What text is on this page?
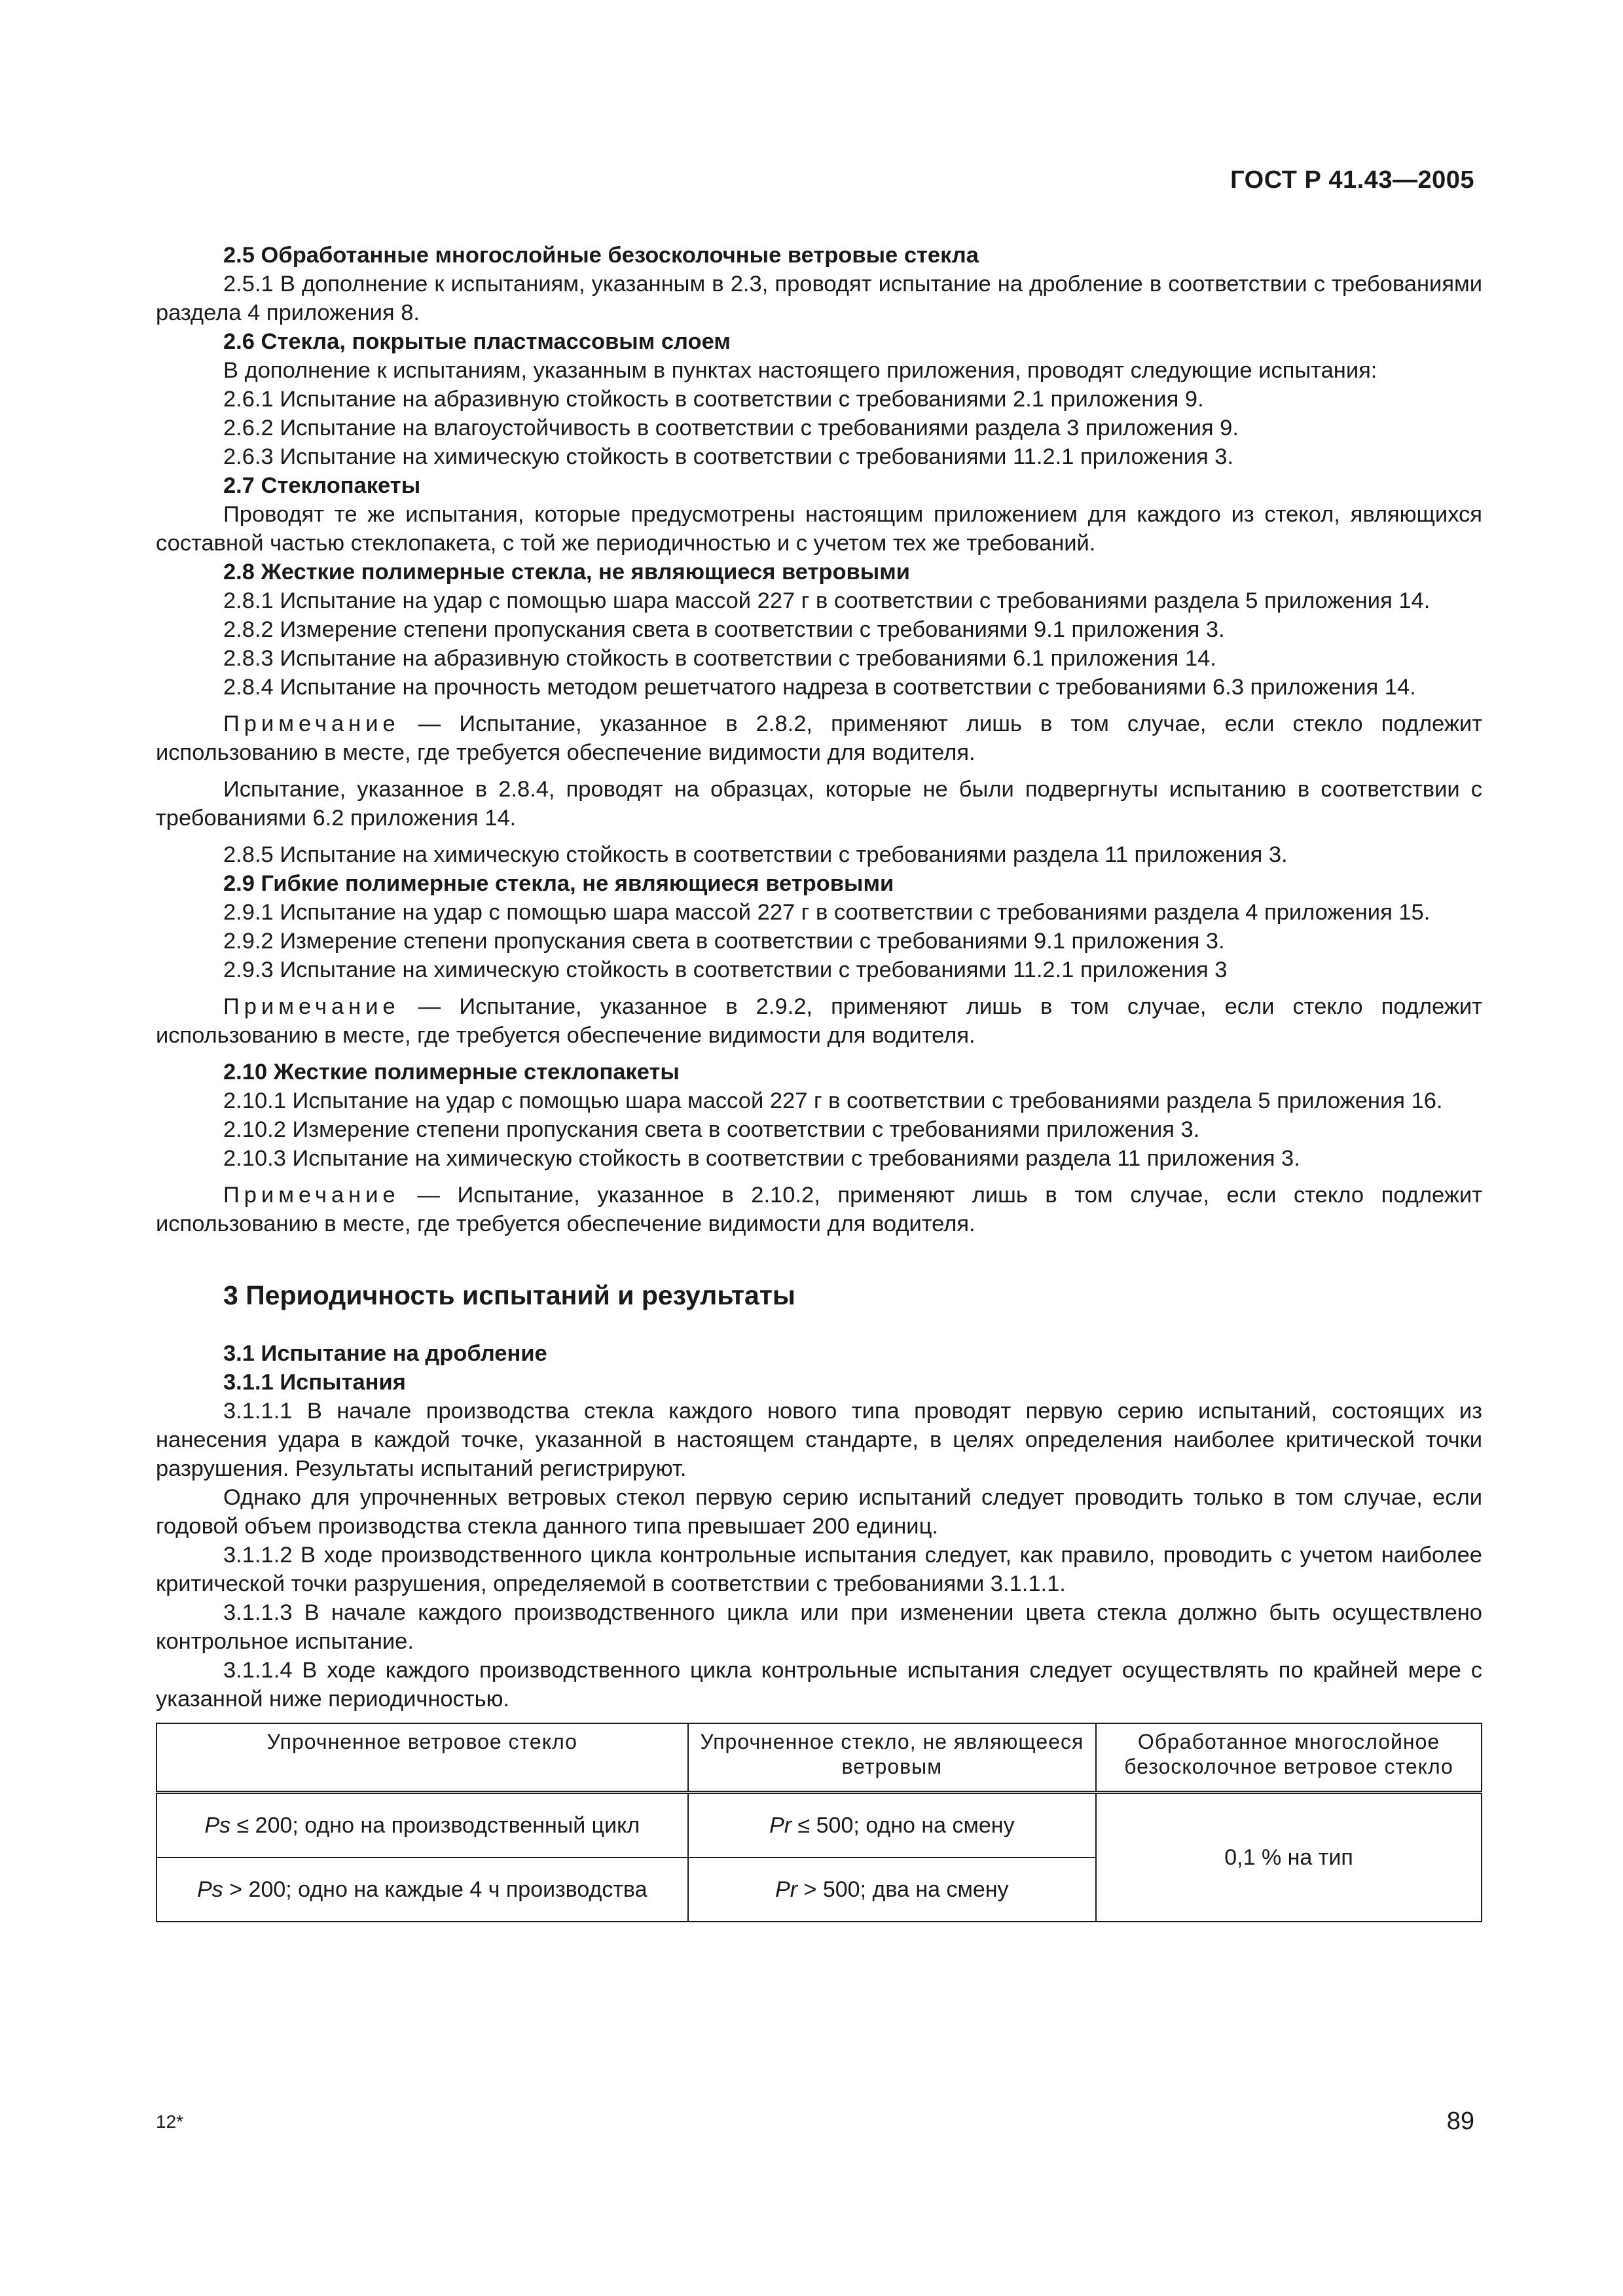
ГОСТ Р 41.43—2005

2.5 Обработанные многослойные безосколочные ветровые стекла

2.5.1 В дополнение к испытаниям, указанным в 2.3, проводят испытание на дробление в соответствии с требованиями раздела 4 приложения 8.

2.6 Стекла, покрытые пластмассовым слоем

В дополнение к испытаниям, указанным в пунктах настоящего приложения, проводят следующие испытания:

2.6.1 Испытание на абразивную стойкость в соответствии с требованиями 2.1 приложения 9.

2.6.2 Испытание на влагоустойчивость в соответствии с требованиями раздела 3 приложения 9.

2.6.3 Испытание на химическую стойкость в соответствии с требованиями 11.2.1 приложения 3.

2.7 Стеклопакеты

Проводят те же испытания, которые предусмотрены настоящим приложением для каждого из стекол, являющихся составной частью стеклопакета, с той же периодичностью и с учетом тех же требований.

2.8 Жесткие полимерные стекла, не являющиеся ветровыми

2.8.1 Испытание на удар с помощью шара массой 227 г в соответствии с требованиями раздела 5 приложения 14.

2.8.2 Измерение степени пропускания света в соответствии с требованиями 9.1 приложения 3.

2.8.3 Испытание на абразивную стойкость в соответствии с требованиями 6.1 приложения 14.

2.8.4 Испытание на прочность методом решетчатого надреза в соответствии с требованиями 6.3 приложения 14.

Примечание — Испытание, указанное в 2.8.2, применяют лишь в том случае, если стекло подлежит использованию в месте, где требуется обеспечение видимости для водителя.

Испытание, указанное в 2.8.4, проводят на образцах, которые не были подвергнуты испытанию в соответствии с требованиями 6.2 приложения 14.

2.8.5 Испытание на химическую стойкость в соответствии с требованиями раздела 11 приложения 3.

2.9 Гибкие полимерные стекла, не являющиеся ветровыми

2.9.1 Испытание на удар с помощью шара массой 227 г в соответствии с требованиями раздела 4 приложения 15.

2.9.2 Измерение степени пропускания света в соответствии с требованиями 9.1 приложения 3.

2.9.3 Испытание на химическую стойкость в соответствии с требованиями 11.2.1 приложения 3

Примечание — Испытание, указанное в 2.9.2, применяют лишь в том случае, если стекло подлежит использованию в месте, где требуется обеспечение видимости для водителя.

2.10 Жесткие полимерные стеклопакеты

2.10.1 Испытание на удар с помощью шара массой 227 г в соответствии с требованиями раздела 5 приложения 16.

2.10.2 Измерение степени пропускания света в соответствии с требованиями приложения 3.

2.10.3 Испытание на химическую стойкость в соответствии с требованиями раздела 11 приложения 3.

Примечание — Испытание, указанное в 2.10.2, применяют лишь в том случае, если стекло подлежит использованию в месте, где требуется обеспечение видимости для водителя.

3 Периодичность испытаний и результаты

3.1 Испытание на дробление

3.1.1 Испытания

3.1.1.1 В начале производства стекла каждого нового типа проводят первую серию испытаний, состоящих из нанесения удара в каждой точке, указанной в настоящем стандарте, в целях определения наиболее критической точки разрушения. Результаты испытаний регистрируют.

Однако для упрочненных ветровых стекол первую серию испытаний следует проводить только в том случае, если годовой объем производства стекла данного типа превышает 200 единиц.

3.1.1.2 В ходе производственного цикла контрольные испытания следует, как правило, проводить с учетом наиболее критической точки разрушения, определяемой в соответствии с требованиями 3.1.1.1.

3.1.1.3 В начале каждого производственного цикла или при изменении цвета стекла должно быть осуществлено контрольное испытание.

3.1.1.4 В ходе каждого производственного цикла контрольные испытания следует осуществлять по крайней мере с указанной ниже периодичностью.

Упрочненное ветровое стекло	Упрочненное стекло, не являющееся ветровым	Обработанное многослойное безосколочное ветровое стекло
Ps ≤ 200; одно на производственный цикл	Pr ≤ 500; одно на смену	0,1 % на тип
Ps > 200; одно на каждые 4 ч производства	Pr > 500; два на смену	
12*	89
